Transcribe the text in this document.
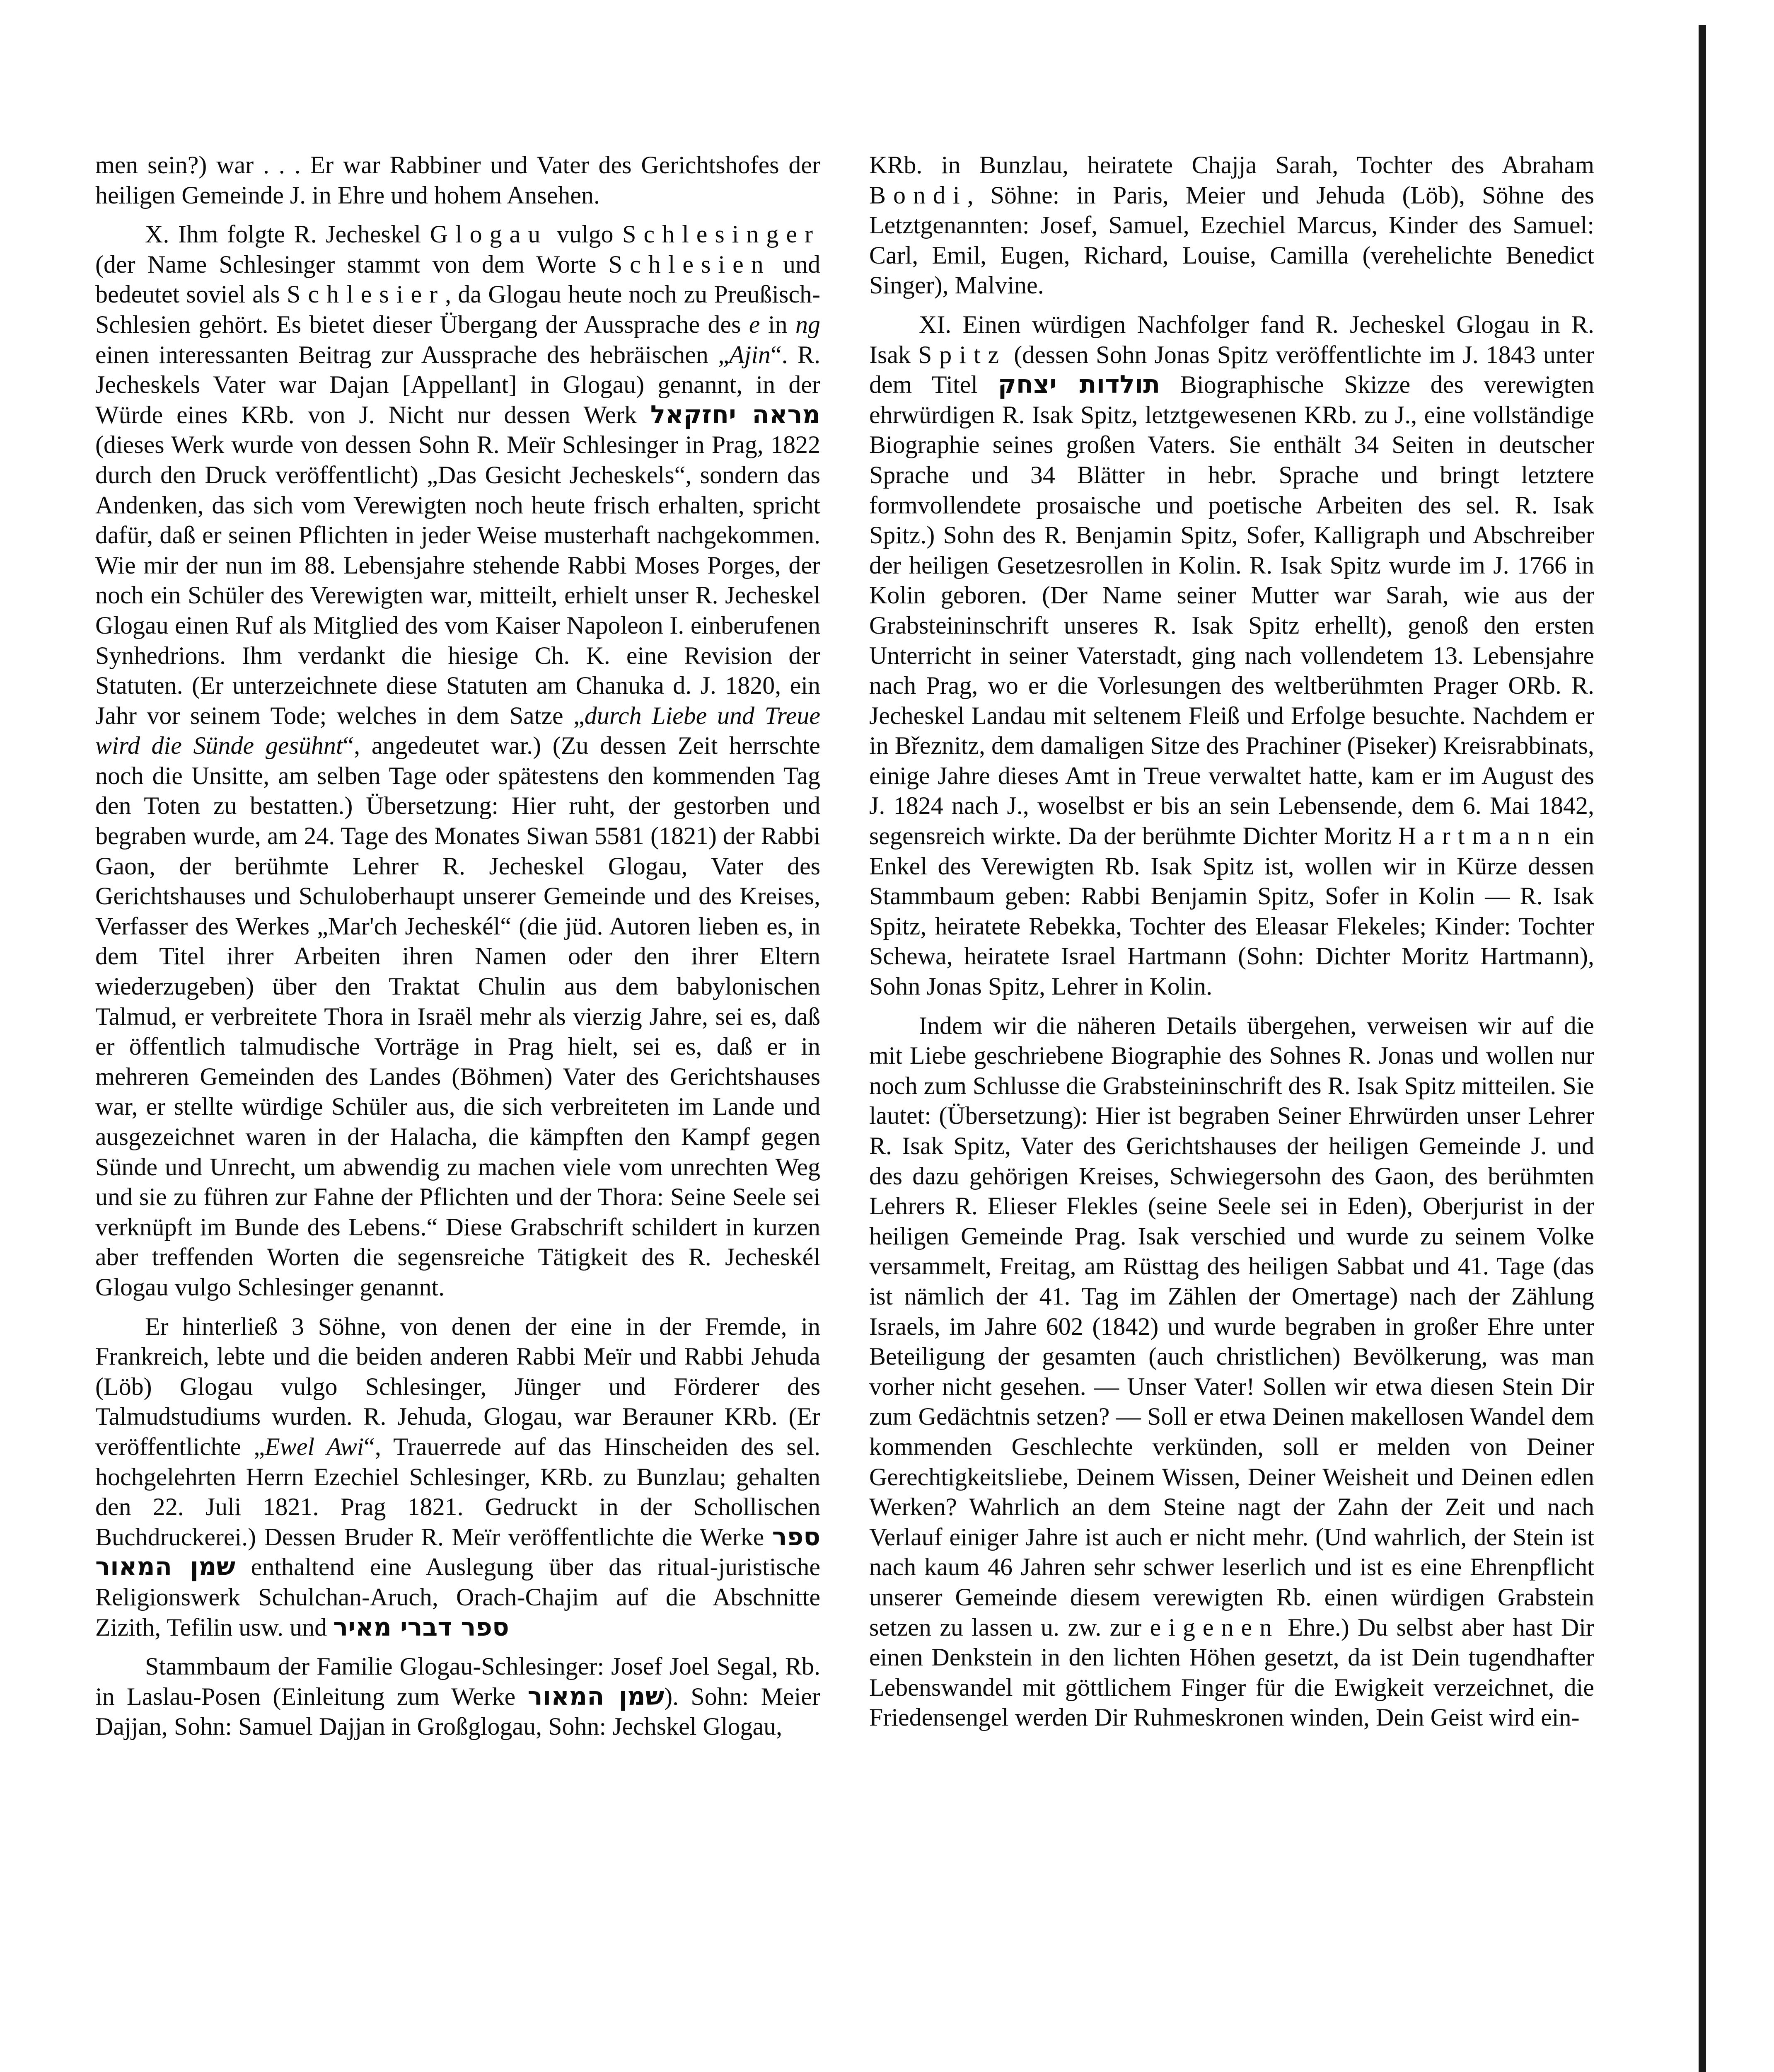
men sein?) war . . . Er war Rabbiner und Vater des Gerichtshofes der heiligen Gemeinde J. in Ehre und hohem Ansehen.

X. Ihm folgte R. Jecheskel Glogau vulgo Schlesinger (der Name Schlesinger stammt von dem Worte Schlesien und bedeutet soviel als Schlesier, da Glogau heute noch zu Preußisch-Schlesien gehört. Es bietet dieser Übergang der Aussprache des e in ng einen interessanten Beitrag zur Aussprache des hebräischen „Ajin“. R. Jecheskels Vater war Dajan [Appellant] in Glogau) genannt, in der Würde eines KRb. von J. Nicht nur dessen Werk מראה יחזקאל (dieses Werk wurde von dessen Sohn R. Meïr Schlesinger in Prag, 1822 durch den Druck veröffentlicht) „Das Gesicht Jecheskels“, sondern das Andenken, das sich vom Verewigten noch heute frisch erhalten, spricht dafür, daß er seinen Pflichten in jeder Weise musterhaft nachgekommen. Wie mir der nun im 88. Lebensjahre stehende Rabbi Moses Porges, der noch ein Schüler des Verewigten war, mitteilt, erhielt unser R. Jecheskel Glogau einen Ruf als Mitglied des vom Kaiser Napoleon I. einberufenen Synhedrions. Ihm verdankt die hiesige Ch. K. eine Revision der Statuten. (Er unterzeichnete diese Statuten am Chanuka d. J. 1820, ein Jahr vor seinem Tode; welches in dem Satze „durch Liebe und Treue wird die Sünde gesühnt“, angedeutet war.) (Zu dessen Zeit herrschte noch die Unsitte, am selben Tage oder spätestens den kommenden Tag den Toten zu bestatten.) Übersetzung: Hier ruht, der gestorben und begraben wurde, am 24. Tage des Monates Siwan 5581 (1821) der Rabbi Gaon, der berühmte Lehrer R. Jecheskel Glogau, Vater des Gerichtshauses und Schuloberhaupt unserer Gemeinde und des Kreises, Verfasser des Werkes „Mar'ch Jecheskél“ (die jüd. Autoren lieben es, in dem Titel ihrer Arbeiten ihren Namen oder den ihrer Eltern wiederzugeben) über den Traktat Chulin aus dem babylonischen Talmud, er verbreitete Thora in Israël mehr als vierzig Jahre, sei es, daß er öffentlich talmudische Vorträge in Prag hielt, sei es, daß er in mehreren Gemeinden des Landes (Böhmen) Vater des Gerichtshauses war, er stellte würdige Schüler aus, die sich verbreiteten im Lande und ausgezeichnet waren in der Halacha, die kämpften den Kampf gegen Sünde und Unrecht, um abwendig zu machen viele vom unrechten Weg und sie zu führen zur Fahne der Pflichten und der Thora: Seine Seele sei verknüpft im Bunde des Lebens.“ Diese Grabschrift schildert in kurzen aber treffenden Worten die segensreiche Tätigkeit des R. Jecheskél Glogau vulgo Schlesinger genannt.

Er hinterließ 3 Söhne, von denen der eine in der Fremde, in Frankreich, lebte und die beiden anderen Rabbi Meïr und Rabbi Jehuda (Löb) Glogau vulgo Schlesinger, Jünger und Förderer des Talmudstudiums wurden. R. Jehuda, Glogau, war Berauner KRb. (Er veröffentlichte „Ewel Awi“, Trauerrede auf das Hinscheiden des sel. hochgelehrten Herrn Ezechiel Schlesinger, KRb. zu Bunzlau; gehalten den 22. Juli 1821. Prag 1821. Gedruckt in der Schollischen Buchdruckerei.) Dessen Bruder R. Meïr veröffentlichte die Werke ספר שמן המאור enthaltend eine Auslegung über das ritual-juristische Religionswerk Schulchan-Aruch, Orach-Chajim auf die Abschnitte Zizith, Tefilin usw. und ספר דברי מאיר

Stammbaum der Familie Glogau-Schlesinger: Josef Joel Segal, Rb. in Laslau-Posen (Einleitung zum Werke שמן המאור). Sohn: Meier Dajjan, Sohn: Samuel Dajjan in Großglogau, Sohn: Jechskel Glogau,

KRb. in Bunzlau, heiratete Chajja Sarah, Tochter des Abraham Bondi, Söhne: in Paris, Meier und Jehuda (Löb), Söhne des Letztgenannten: Josef, Samuel, Ezechiel Marcus, Kinder des Samuel: Carl, Emil, Eugen, Richard, Louise, Camilla (verehelichte Benedict Singer), Malvine.

XI. Einen würdigen Nachfolger fand R. Jecheskel Glogau in R. Isak Spitz (dessen Sohn Jonas Spitz veröffentlichte im J. 1843 unter dem Titel תולדות יצחק Biographische Skizze des verewigten ehrwürdigen R. Isak Spitz, letztgewesenen KRb. zu J., eine vollständige Biographie seines großen Vaters. Sie enthält 34 Seiten in deutscher Sprache und 34 Blätter in hebr. Sprache und bringt letztere formvollendete prosaische und poetische Arbeiten des sel. R. Isak Spitz.) Sohn des R. Benjamin Spitz, Sofer, Kalligraph und Abschreiber der heiligen Gesetzesrollen in Kolin. R. Isak Spitz wurde im J. 1766 in Kolin geboren. (Der Name seiner Mutter war Sarah, wie aus der Grabsteininschrift unseres R. Isak Spitz erhellt), genoß den ersten Unterricht in seiner Vaterstadt, ging nach vollendetem 13. Lebensjahre nach Prag, wo er die Vorlesungen des weltberühmten Prager ORb. R. Jecheskel Landau mit seltenem Fleiß und Erfolge besuchte. Nachdem er in Březnitz, dem damaligen Sitze des Prachiner (Piseker) Kreisrabbinats, einige Jahre dieses Amt in Treue verwaltet hatte, kam er im August des J. 1824 nach J., woselbst er bis an sein Lebensende, dem 6. Mai 1842, segensreich wirkte. Da der berühmte Dichter Moritz Hartmann ein Enkel des Verewigten Rb. Isak Spitz ist, wollen wir in Kürze dessen Stammbaum geben: Rabbi Benjamin Spitz, Sofer in Kolin — R. Isak Spitz, heiratete Rebekka, Tochter des Eleasar Flekeles; Kinder: Tochter Schewa, heiratete Israel Hartmann (Sohn: Dichter Moritz Hartmann), Sohn Jonas Spitz, Lehrer in Kolin.

Indem wir die näheren Details übergehen, verweisen wir auf die mit Liebe geschriebene Biographie des Sohnes R. Jonas und wollen nur noch zum Schlusse die Grabsteininschrift des R. Isak Spitz mitteilen. Sie lautet: (Übersetzung): Hier ist begraben Seiner Ehrwürden unser Lehrer R. Isak Spitz, Vater des Gerichtshauses der heiligen Gemeinde J. und des dazu gehörigen Kreises, Schwiegersohn des Gaon, des berühmten Lehrers R. Elieser Flekles (seine Seele sei in Eden), Oberjurist in der heiligen Gemeinde Prag. Isak verschied und wurde zu seinem Volke versammelt, Freitag, am Rüsttag des heiligen Sabbat und 41. Tage (das ist nämlich der 41. Tag im Zählen der Omertage) nach der Zählung Israels, im Jahre 602 (1842) und wurde begraben in großer Ehre unter Beteiligung der gesamten (auch christlichen) Bevölkerung, was man vorher nicht gesehen. — Unser Vater! Sollen wir etwa diesen Stein Dir zum Gedächtnis setzen? — Soll er etwa Deinen makellosen Wandel dem kommenden Geschlechte verkünden, soll er melden von Deiner Gerechtigkeitsliebe, Deinem Wissen, Deiner Weisheit und Deinen edlen Werken? Wahrlich an dem Steine nagt der Zahn der Zeit und nach Verlauf einiger Jahre ist auch er nicht mehr. (Und wahrlich, der Stein ist nach kaum 46 Jahren sehr schwer leserlich und ist es eine Ehrenpflicht unserer Gemeinde diesem verewigten Rb. einen würdigen Grabstein setzen zu lassen u. zw. zur eigenen Ehre.) Du selbst aber hast Dir einen Denkstein in den lichten Höhen gesetzt, da ist Dein tugendhafter Lebenswandel mit göttlichem Finger für die Ewigkeit verzeichnet, die Friedensengel werden Dir Ruhmeskronen winden, Dein Geist wird ein-
